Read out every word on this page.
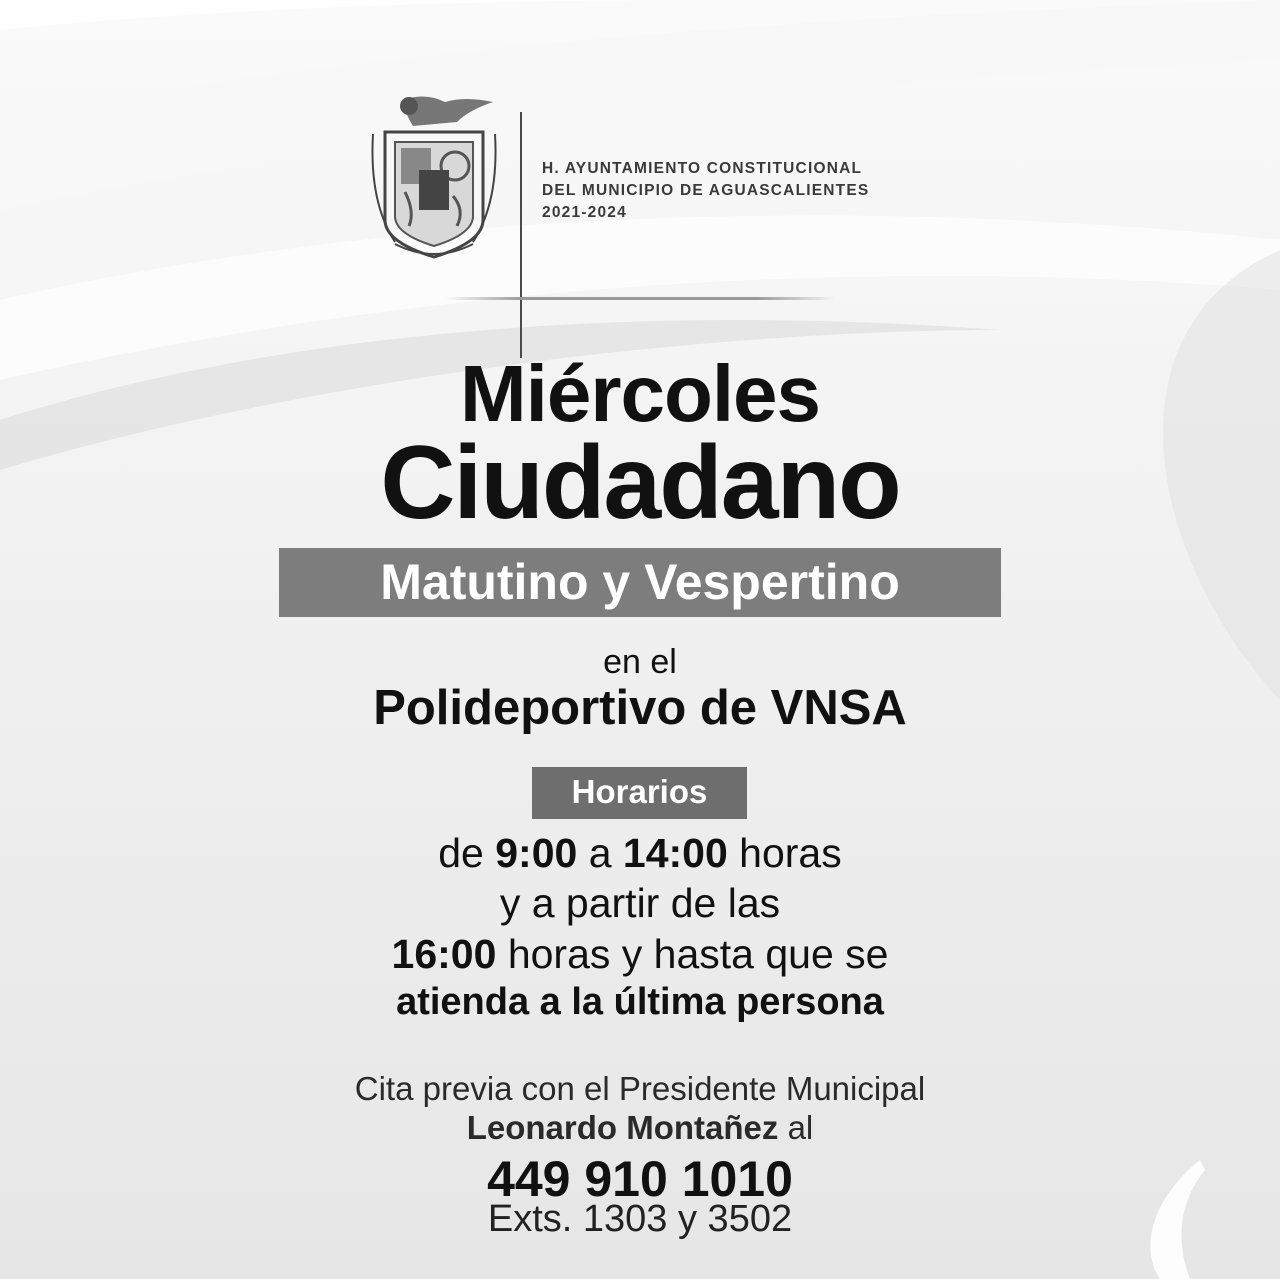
H. AYUNTAMIENTO CONSTITUCIONAL
DEL MUNICIPIO DE AGUASCALIENTES
2021-2024
Miércoles
Ciudadano
Matutino y Vespertino
en el
Polideportivo de VNSA
Horarios
de 9:00 a 14:00 horas
y a partir de las
16:00 horas y hasta que se
atienda a la última persona
Cita previa con el Presidente Municipal
Leonardo Montañez al
449 910 1010
Exts. 1303 y 3502
